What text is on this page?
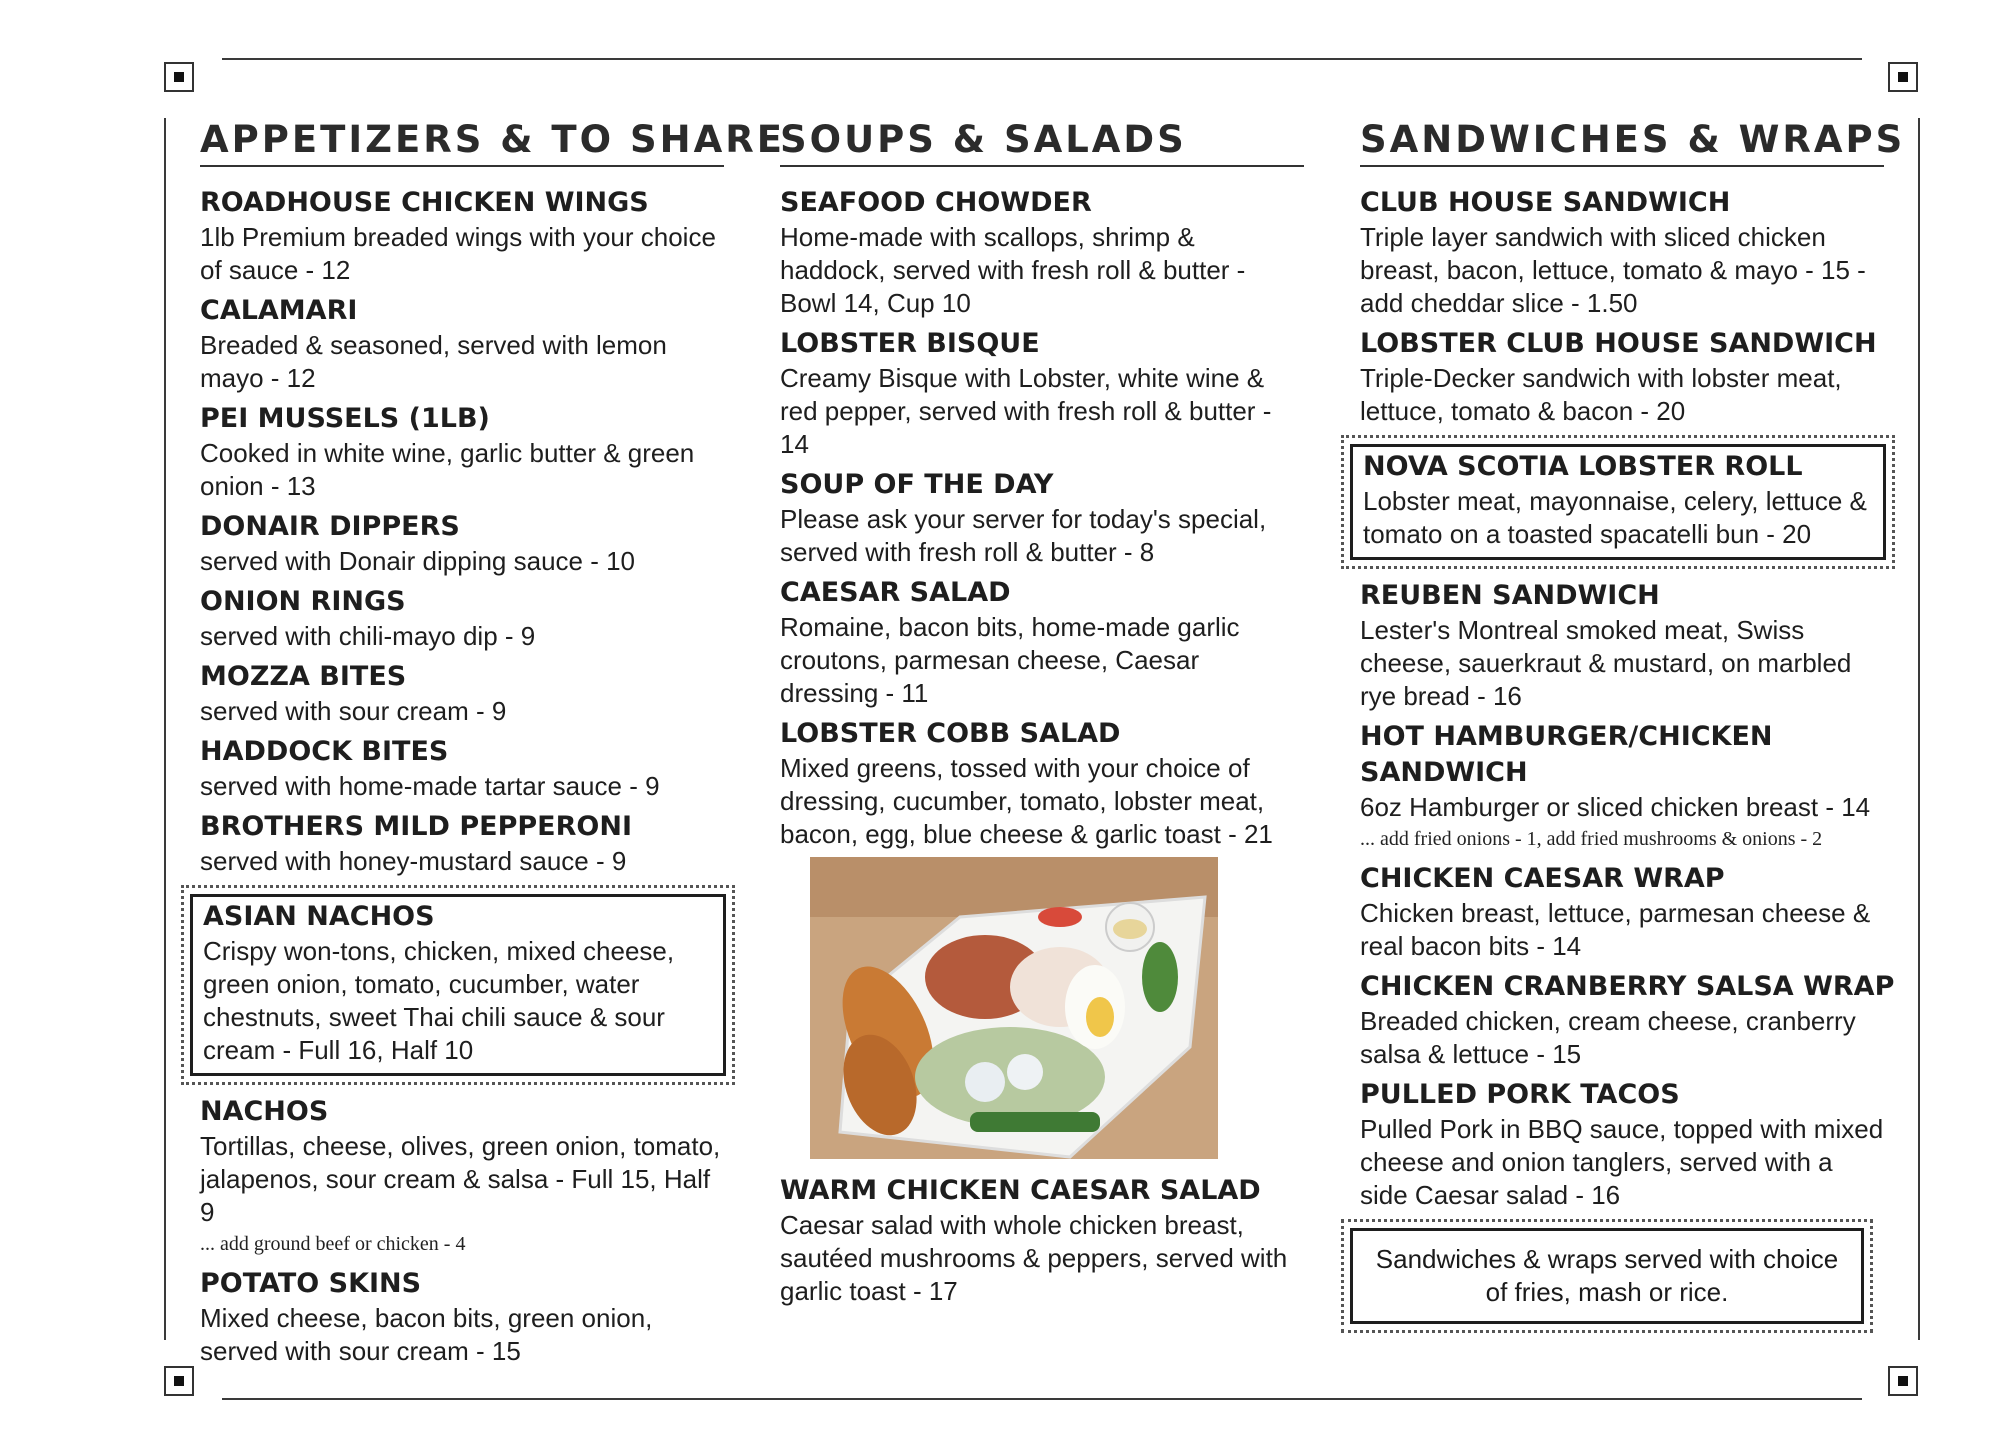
APPETIZERS & TO SHARE
ROADHOUSE CHICKEN WINGS
1lb Premium breaded wings with your choice of sauce - 12
CALAMARI
Breaded & seasoned, served with lemon mayo - 12
PEI MUSSELS (1LB)
Cooked in white wine, garlic butter & green onion - 13
DONAIR DIPPERS
served with Donair dipping sauce - 10
ONION RINGS
served with chili-mayo dip - 9
MOZZA BITES
served with sour cream - 9
HADDOCK BITES
served with home-made tartar sauce - 9
BROTHERS MILD PEPPERONI
served with honey-mustard sauce - 9
ASIAN NACHOS
Crispy won-tons, chicken, mixed cheese, green onion, tomato, cucumber, water chestnuts, sweet Thai chili sauce & sour cream - Full 16, Half 10
NACHOS
Tortillas, cheese, olives, green onion, tomato, jalapenos, sour cream & salsa - Full 15, Half 9
... add ground beef or chicken - 4
POTATO SKINS
Mixed cheese, bacon bits, green onion, served with sour cream - 15
SOUPS & SALADS
SEAFOOD CHOWDER
Home-made with scallops, shrimp & haddock, served with fresh roll & butter - Bowl 14, Cup 10
LOBSTER BISQUE
Creamy Bisque with Lobster, white wine & red pepper, served with fresh roll & butter - 14
SOUP OF THE DAY
Please ask your server for today's special, served with fresh roll & butter - 8
CAESAR SALAD
Romaine, bacon bits, home-made garlic croutons, parmesan cheese, Caesar dressing - 11
LOBSTER COBB SALAD
Mixed greens, tossed with your choice of dressing, cucumber, tomato, lobster meat, bacon, egg, blue cheese & garlic toast - 21
WARM CHICKEN CAESAR SALAD
Caesar salad with whole chicken breast, sautéed mushrooms & peppers, served with garlic toast - 17
SANDWICHES & WRAPS
CLUB HOUSE SANDWICH
Triple layer sandwich with sliced chicken breast, bacon, lettuce, tomato & mayo - 15 - add cheddar slice - 1.50
LOBSTER CLUB HOUSE SANDWICH
Triple-Decker sandwich with lobster meat, lettuce, tomato & bacon - 20
NOVA SCOTIA LOBSTER ROLL
Lobster meat, mayonnaise, celery, lettuce & tomato on a toasted spacatelli bun - 20
REUBEN SANDWICH
Lester's Montreal smoked meat, Swiss cheese, sauerkraut & mustard, on marbled rye bread - 16
HOT HAMBURGER/CHICKEN SANDWICH
6oz Hamburger or sliced chicken breast - 14
... add fried onions - 1, add fried mushrooms & onions - 2
CHICKEN CAESAR WRAP
Chicken breast, lettuce, parmesan cheese & real bacon bits - 14
CHICKEN CRANBERRY SALSA WRAP
Breaded chicken, cream cheese, cranberry salsa & lettuce - 15
PULLED PORK TACOS
Pulled Pork in BBQ sauce, topped with mixed cheese and onion tanglers, served with a side Caesar salad - 16
Sandwiches & wraps served with choice of fries, mash or rice.
